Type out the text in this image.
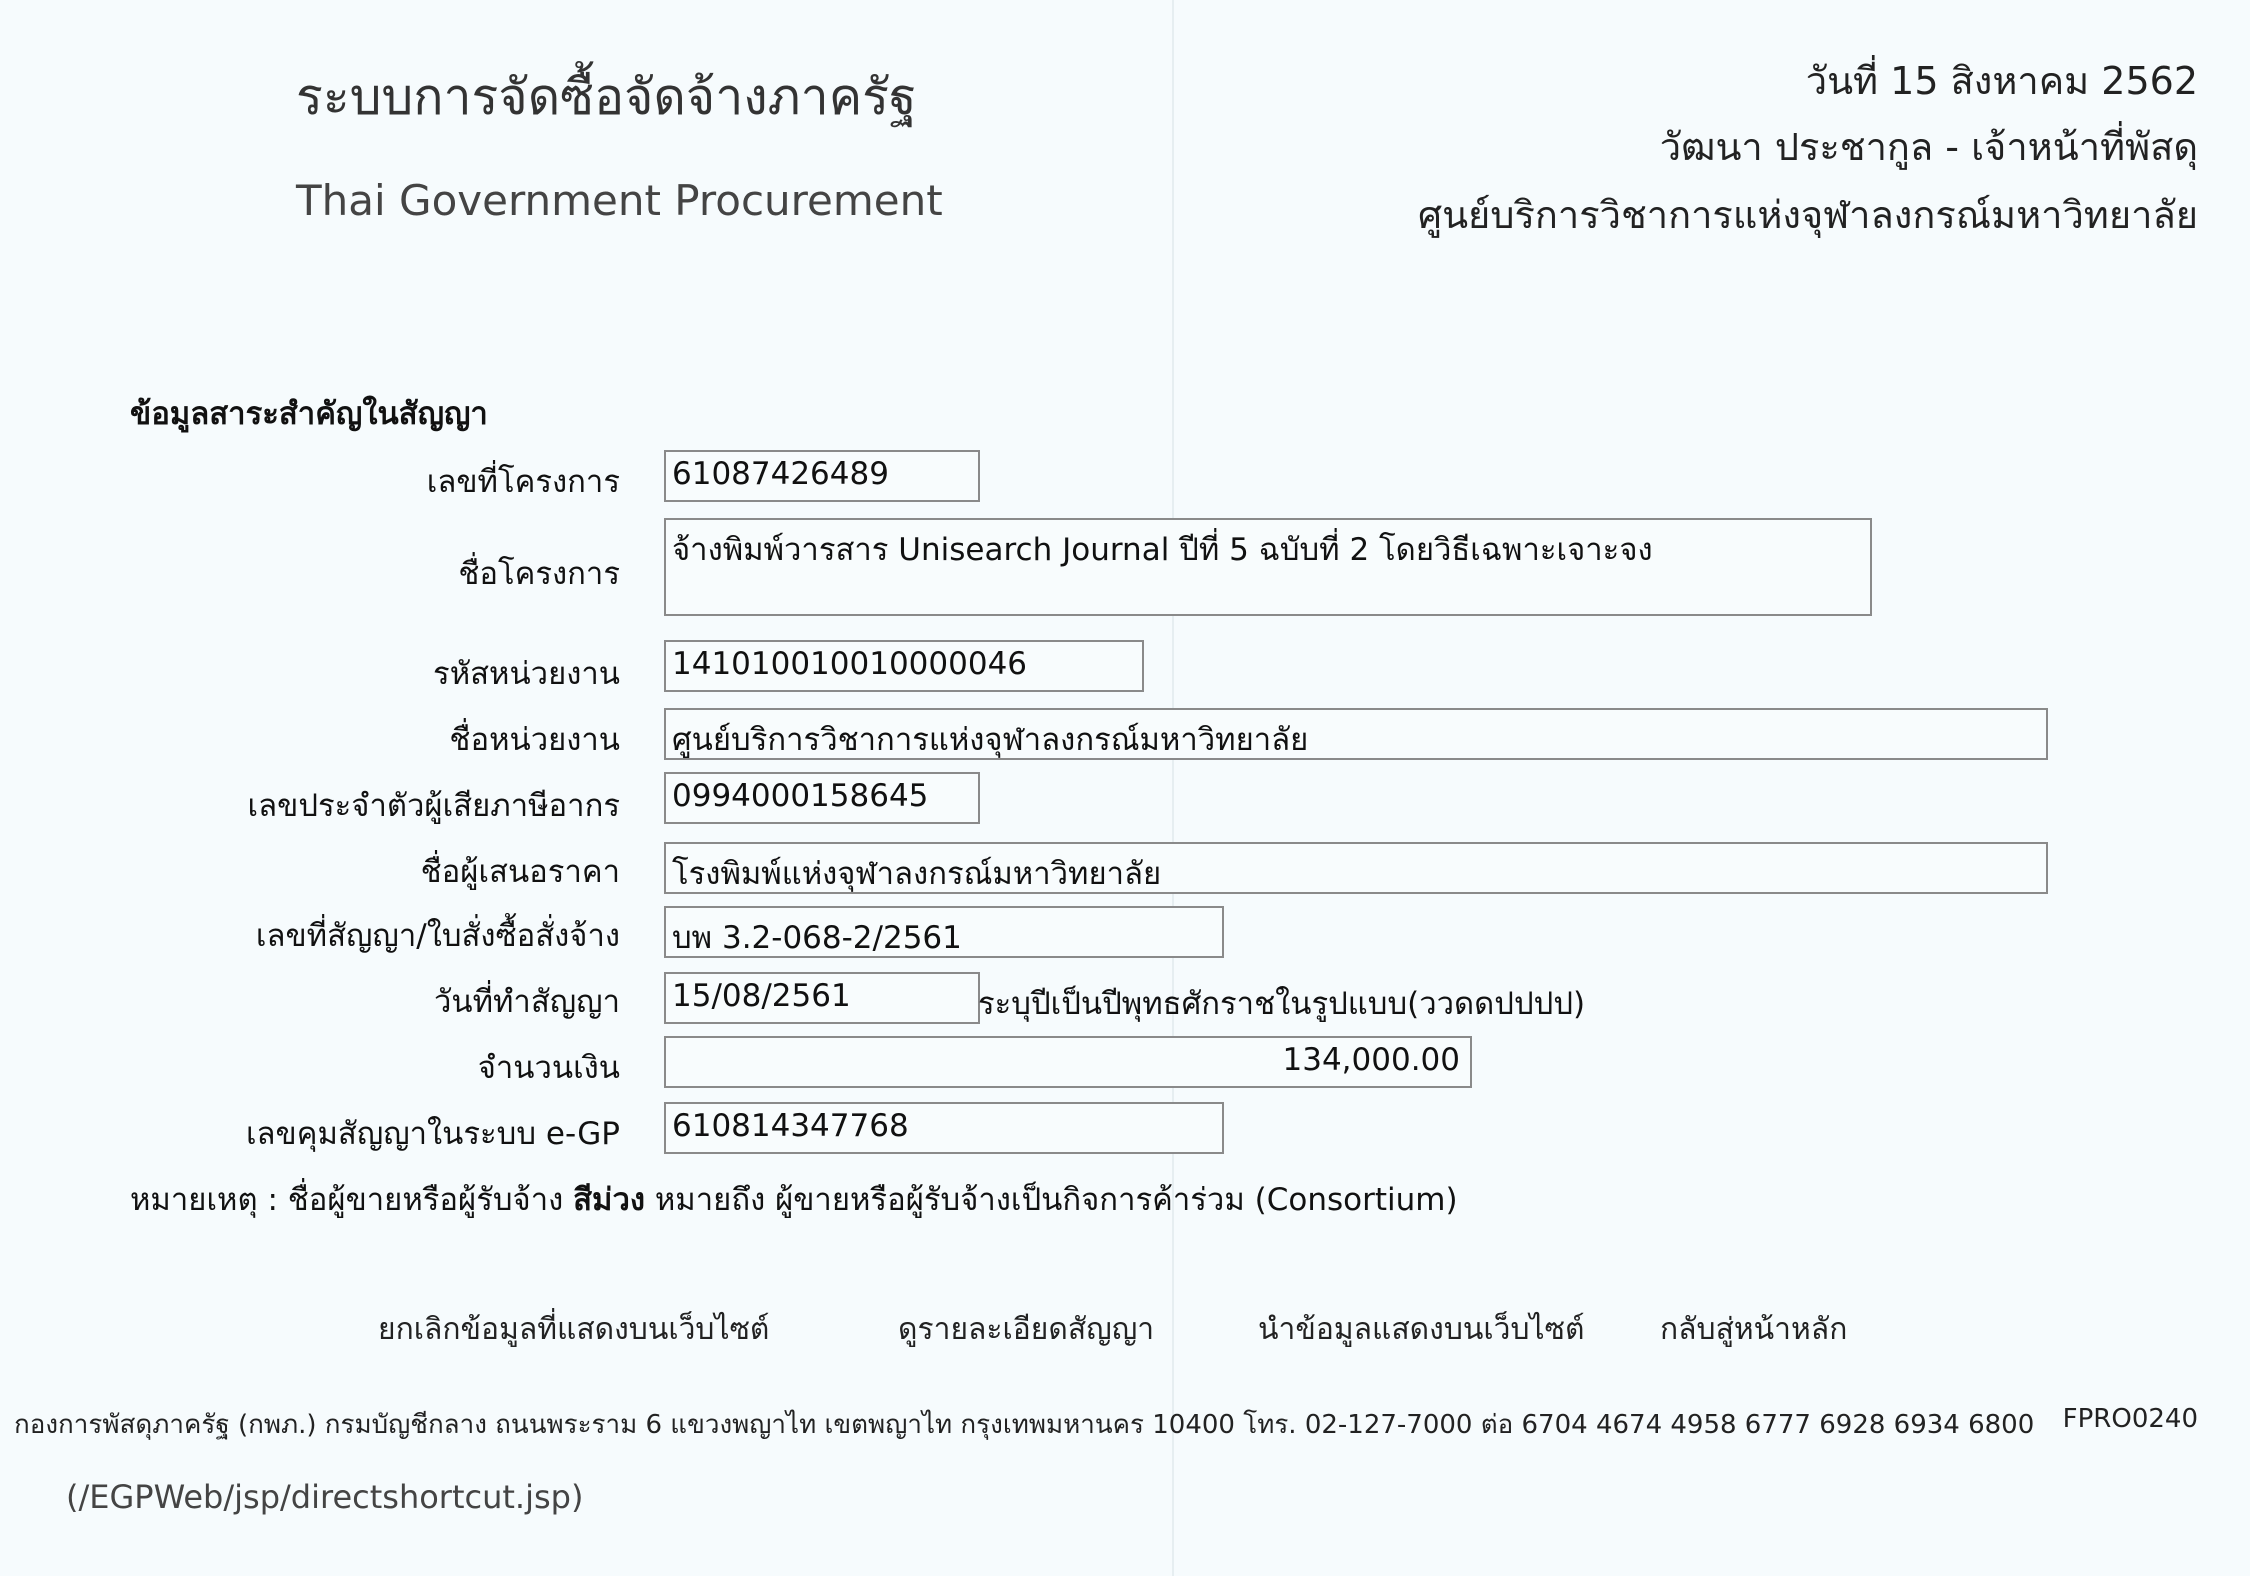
ระบบการจัดซื้อจัดจ้างภาครัฐ
Thai Government Procurement
วันที่ 15 สิงหาคม 2562
วัฒนา ประชากูล - เจ้าหน้าที่พัสดุ
ศูนย์บริการวิชาการแห่งจุฬาลงกรณ์มหาวิทยาลัย
ข้อมูลสาระสำคัญในสัญญา
เลขที่โครงการ 61087426489
ชื่อโครงการ
จ้างพิมพ์วารสาร Unisearch Journal ปีที่ 5 ฉบับที่ 2 โดยวิธีเฉพาะเจาะจง
รหัสหน่วยงาน 141010010010000046
ชื่อหน่วยงาน ศูนย์บริการวิชาการแห่งจุฬาลงกรณ์มหาวิทยาลัย
เลขประจำตัวผู้เสียภาษีอากร 0994000158645
ชื่อผู้เสนอราคา โรงพิมพ์แห่งจุฬาลงกรณ์มหาวิทยาลัย
เลขที่สัญญา/ใบสั่งซื้อสั่งจ้าง บพ 3.2-068-2/2561
วันที่ทำสัญญา 15/08/2561	ระบุปีเป็นปีพุทธศักราชในรูปแบบ(ววดดปปปป)
จำนวนเงิน	134,000.00
เลขคุมสัญญาในระบบ e-GP 610814347768
หมายเหตุ : ชื่อผู้ขายหรือผู้รับจ้าง สีม่วง หมายถึง ผู้ขายหรือผู้รับจ้างเป็นกิจการค้าร่วม (Consortium)
ยกเลิกข้อมูลที่แสดงบนเว็บไซต์	ดูรายละเอียดสัญญา	นำข้อมูลแสดงบนเว็บไซต์	กลับสู่หน้าหลัก
กองการพัสดุภาครัฐ (กพภ.) กรมบัญชีกลาง ถนนพระราม 6 แขวงพญาไท เขตพญาไท กรุงเทพมหานคร 10400 โทร. 02-127-7000 ต่อ 6704 4674 4958 6777 6928 6934 6800 FPRO0240
(/EGPWeb/jsp/directshortcut.jsp)
